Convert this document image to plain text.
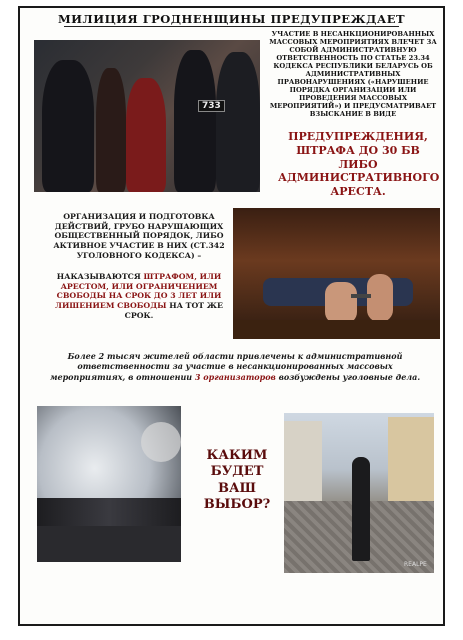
МИЛИЦИЯ ГРОДНЕНЩИНЫ ПРЕДУПРЕЖДАЕТ
733
УЧАСТИЕ В НЕСАНКЦИОНИРОВАННЫХ МАССОВЫХ МЕРОПРИЯТИЯХ ВЛЕЧЕТ ЗА СОБОЙ АДМИНИСТРАТИВНУЮ ОТВЕТСТВЕННОСТЬ ПО СТАТЬЕ 23.34 КОДЕКСА РЕСПУБЛИКИ БЕЛАРУСЬ ОБ АДМИНИСТРАТИВНЫХ ПРАВОНАРУШЕНИЯХ («НАРУШЕНИЕ ПОРЯДКА ОРГАНИЗАЦИИ ИЛИ ПРОВЕДЕНИЯ МАССОВЫХ МЕРОПРИЯТИЙ») И ПРЕДУСМАТРИВАЕТ ВЗЫСКАНИЕ В ВИДЕ
ПРЕДУПРЕЖДЕНИЯ, ШТРАФА ДО 30 БВ ЛИБО АДМИНИСТРАТИВНОГО АРЕСТА.
ОРГАНИЗАЦИЯ И ПОДГОТОВКА ДЕЙСТВИЙ, ГРУБО НАРУШАЮЩИХ ОБЩЕСТВЕННЫЙ ПОРЯДОК, ЛИБО АКТИВНОЕ УЧАСТИЕ В НИХ (СТ.342 УГОЛОВНОГО КОДЕКСА) –
НАКАЗЫВАЮТСЯ ШТРАФОМ, ИЛИ АРЕСТОМ, ИЛИ ОГРАНИЧЕНИЕМ СВОБОДЫ НА СРОК ДО 3 ЛЕТ ИЛИ ЛИШЕНИЕМ СВОБОДЫ НА ТОТ ЖЕ СРОК.
Более 2 тысяч жителей области привлечены к административной ответственности за участие в несанкционированных массовых мероприятиях, в отношении 3 организаторов возбуждены уголовные дела.
КАКИМ БУДЕТ ВАШ ВЫБОР?
REALPE
